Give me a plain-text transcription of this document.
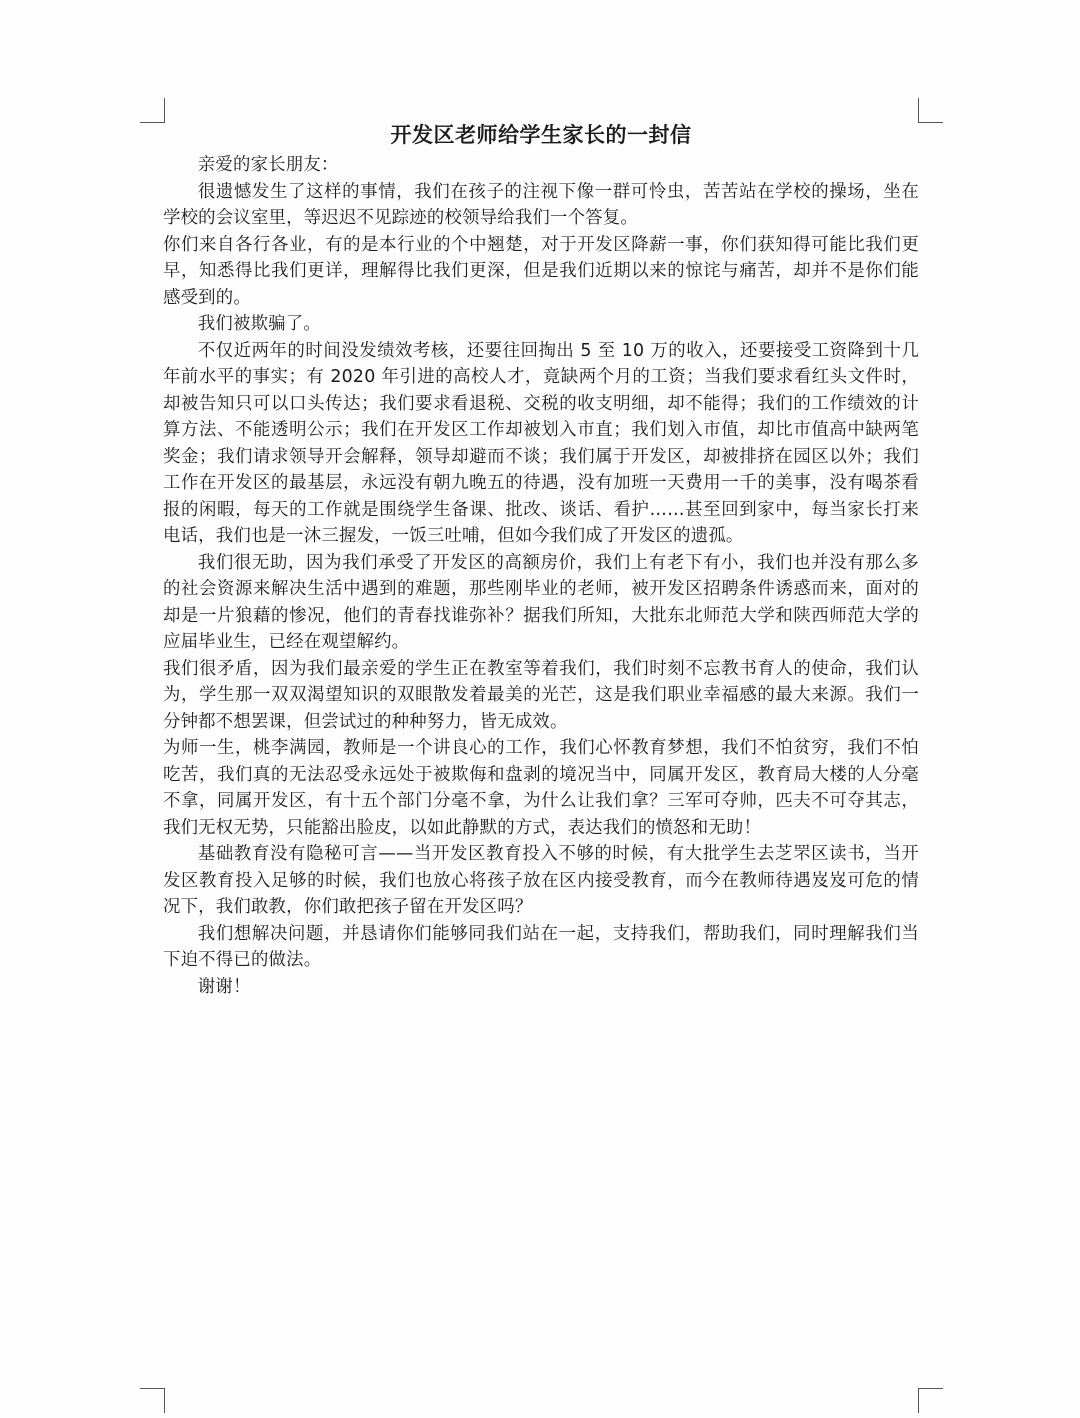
开发区老师给学生家长的一封信

亲爱的家长朋友：

很遗憾发生了这样的事情，我们在孩子的注视下像一群可怜虫，苦苦站在学校的操场，坐在学校的会议室里，等迟迟不见踪迹的校领导给我们一个答复。

你们来自各行各业，有的是本行业的个中翘楚，对于开发区降薪一事，你们获知得可能比我们更早，知悉得比我们更详，理解得比我们更深，但是我们近期以来的惊诧与痛苦，却并不是你们能感受到的。

我们被欺骗了。

不仅近两年的时间没发绩效考核，还要往回掏出 5 至 10 万的收入，还要接受工资降到十几年前水平的事实；有 2020 年引进的高校人才，竟缺两个月的工资；当我们要求看红头文件时，却被告知只可以口头传达；我们要求看退税、交税的收支明细，却不能得；我们的工作绩效的计算方法、不能透明公示；我们在开发区工作却被划入市直；我们划入市值，却比市值高中缺两笔奖金；我们请求领导开会解释，领导却避而不谈；我们属于开发区，却被排挤在园区以外；我们工作在开发区的最基层，永远没有朝九晚五的待遇，没有加班一天费用一千的美事，没有喝茶看报的闲暇，每天的工作就是围绕学生备课、批改、谈话、看护……甚至回到家中，每当家长打来电话，我们也是一沐三握发，一饭三吐哺，但如今我们成了开发区的遗孤。

我们很无助，因为我们承受了开发区的高额房价，我们上有老下有小，我们也并没有那么多的社会资源来解决生活中遇到的难题，那些刚毕业的老师，被开发区招聘条件诱惑而来，面对的却是一片狼藉的惨况，他们的青春找谁弥补？据我们所知，大批东北师范大学和陕西师范大学的应届毕业生，已经在观望解约。

我们很矛盾，因为我们最亲爱的学生正在教室等着我们，我们时刻不忘教书育人的使命，我们认为，学生那一双双渴望知识的双眼散发着最美的光芒，这是我们职业幸福感的最大来源。我们一分钟都不想罢课，但尝试过的种种努力，皆无成效。

为师一生，桃李满园，教师是一个讲良心的工作，我们心怀教育梦想，我们不怕贫穷，我们不怕吃苦，我们真的无法忍受永远处于被欺侮和盘剥的境况当中，同属开发区，教育局大楼的人分毫不拿，同属开发区，有十五个部门分毫不拿，为什么让我们拿？三军可夺帅，匹夫不可夺其志，我们无权无势，只能豁出脸皮，以如此静默的方式，表达我们的愤怒和无助！

基础教育没有隐秘可言——当开发区教育投入不够的时候，有大批学生去芝罘区读书，当开发区教育投入足够的时候，我们也放心将孩子放在区内接受教育，而今在教师待遇岌岌可危的情况下，我们敢教，你们敢把孩子留在开发区吗？

我们想解决问题，并恳请你们能够同我们站在一起，支持我们，帮助我们，同时理解我们当下迫不得已的做法。

谢谢！
